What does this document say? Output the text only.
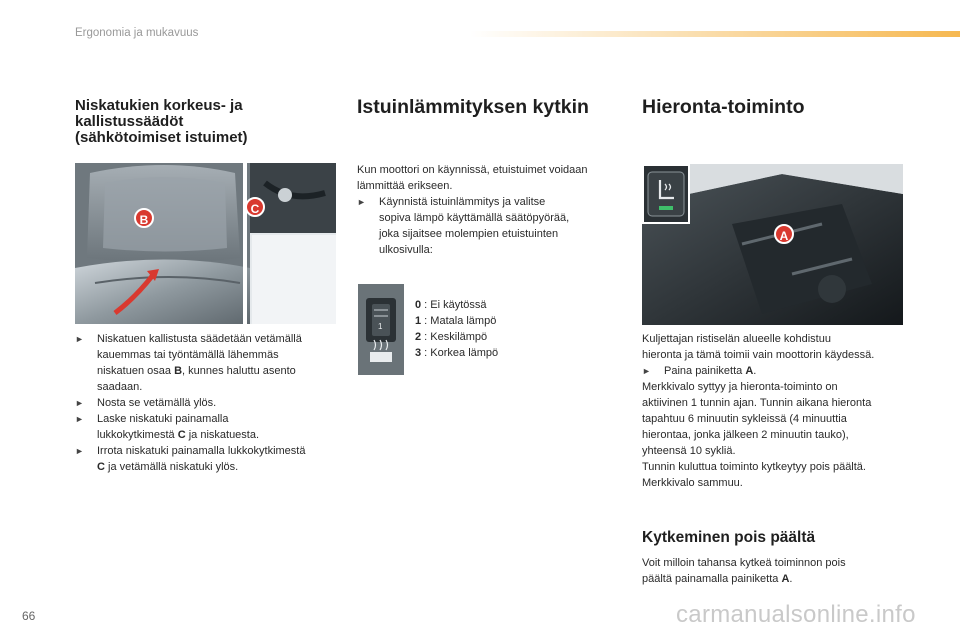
Ergonomia ja mukavuus
Niskatukien korkeus- ja
kallistussäädöt
(sähkötoimiset istuimet)
B
C
► Niskatuen kallistusta säädetään vetämällä
kauemmas tai työntämällä lähemmäs
niskatuen osaa B, kunnes haluttu asento
saadaan.
► Nosta se vetämällä ylös.
► Laske niskatuki painamalla
lukkokytkimestä C ja niskatuesta.
► Irrota niskatuki painamalla lukkokytkimestä
C ja vetämällä niskatuki ylös.
Istuinlämmityksen kytkin
Kun moottori on käynnissä, etuistuimet voidaan
lämmittää erikseen.
► Käynnistä istuinlämmitys ja valitse
sopiva lämpö käyttämällä säätöpyörää,
joka sijaitsee molempien etuistuinten
ulkosivulla:
1
0 : Ei käytössä
1 : Matala lämpö
2 : Keskilämpö
3 : Korkea lämpö
Hieronta-toiminto
A
Kuljettajan ristiselän alueelle kohdistuu
hieronta ja tämä toimii vain moottorin käydessä.
► Paina painiketta A.
Merkkivalo syttyy ja hieronta-toiminto on
aktiivinen 1 tunnin ajan. Tunnin aikana hieronta
tapahtuu 6 minuutin sykleissä (4 minuuttia
hierontaa, jonka jälkeen 2 minuutin tauko),
yhteensä 10 sykliä.
Tunnin kuluttua toiminto kytkeytyy pois päältä.
Merkkivalo sammuu.
Kytkeminen pois päältä
Voit milloin tahansa kytkeä toiminnon pois
päältä painamalla painiketta A.
66	carmanualsonline.info
